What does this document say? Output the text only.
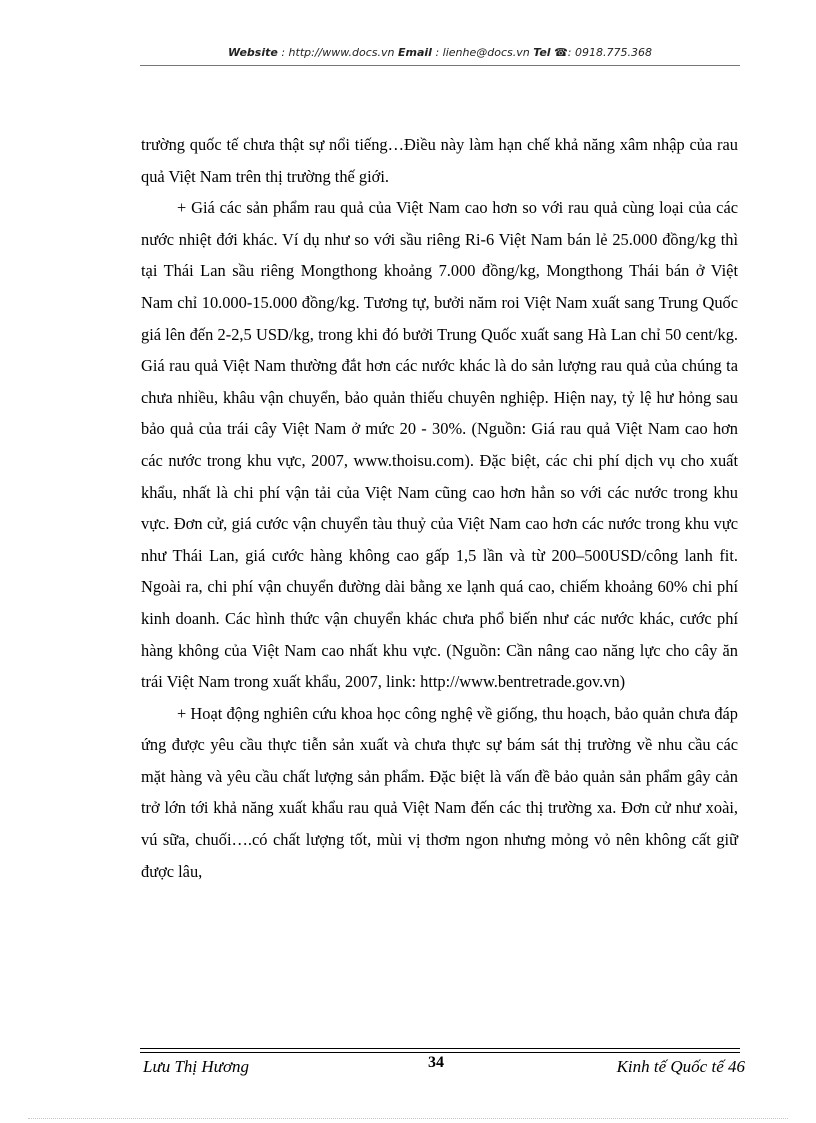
Website : http://www.docs.vn Email : lienhe@docs.vn Tel ☎: 0918.775.368

trường quốc tế chưa thật sự nổi tiếng…Điều này làm hạn chế khả năng xâm nhập của rau quả Việt Nam trên thị trường thế giới.

+ Giá các sản phẩm rau quả của Việt Nam cao hơn so với rau quả cùng loại của các nước nhiệt đới khác. Ví dụ như so với sầu riêng Ri-6 Việt Nam bán lẻ 25.000 đồng/kg thì tại Thái Lan sầu riêng Mongthong khoảng 7.000 đồng/kg, Mongthong Thái bán ở Việt Nam chỉ 10.000-15.000 đồng/kg. Tương tự, bưởi năm roi Việt Nam xuất sang Trung Quốc giá lên đến 2-2,5 USD/kg, trong khi đó bưởi Trung Quốc xuất sang Hà Lan chỉ 50 cent/kg. Giá rau quả Việt Nam thường đắt hơn các nước khác là do sản lượng rau quả của chúng ta chưa nhiều, khâu vận chuyển, bảo quản thiếu chuyên nghiệp. Hiện nay, tỷ lệ hư hỏng sau bảo quả của trái cây Việt Nam ở mức 20 - 30%. (Nguồn: Giá rau quả Việt Nam cao hơn các nước trong khu vực, 2007, www.thoisu.com). Đặc biệt, các chi phí dịch vụ cho xuất khẩu, nhất là chi phí vận tải của Việt Nam cũng cao hơn hẳn so với các nước trong khu vực. Đơn cử, giá cước vận chuyển tàu thuỷ của Việt Nam cao hơn các nước trong khu vực như Thái Lan, giá cước hàng không cao gấp 1,5 lần và từ 200–500USD/công lanh fit. Ngoài ra, chi phí vận chuyển đường dài bằng xe lạnh quá cao, chiếm khoảng 60% chi phí kinh doanh. Các hình thức vận chuyển khác chưa phổ biến như các nước khác, cước phí hàng không của Việt Nam cao nhất khu vực. (Nguồn: Cần nâng cao năng lực cho cây ăn trái Việt Nam trong xuất khẩu, 2007, link: http://www.bentretrade.gov.vn)

+ Hoạt động nghiên cứu khoa học công nghệ về giống, thu hoạch, bảo quản chưa đáp ứng được yêu cầu thực tiễn sản xuất và chưa thực sự bám sát thị trường về nhu cầu các mặt hàng và yêu cầu chất lượng sản phẩm. Đặc biệt là vấn đề bảo quản sản phẩm gây cản trở lớn tới khả năng xuất khẩu rau quả Việt Nam đến các thị trường xa. Đơn cử như xoài, vú sữa, chuối….có chất lượng tốt, mùi vị thơm ngon nhưng mỏng vỏ nên không cất giữ được lâu,

Lưu Thị Hương	34	Kinh tế Quốc tế 46
